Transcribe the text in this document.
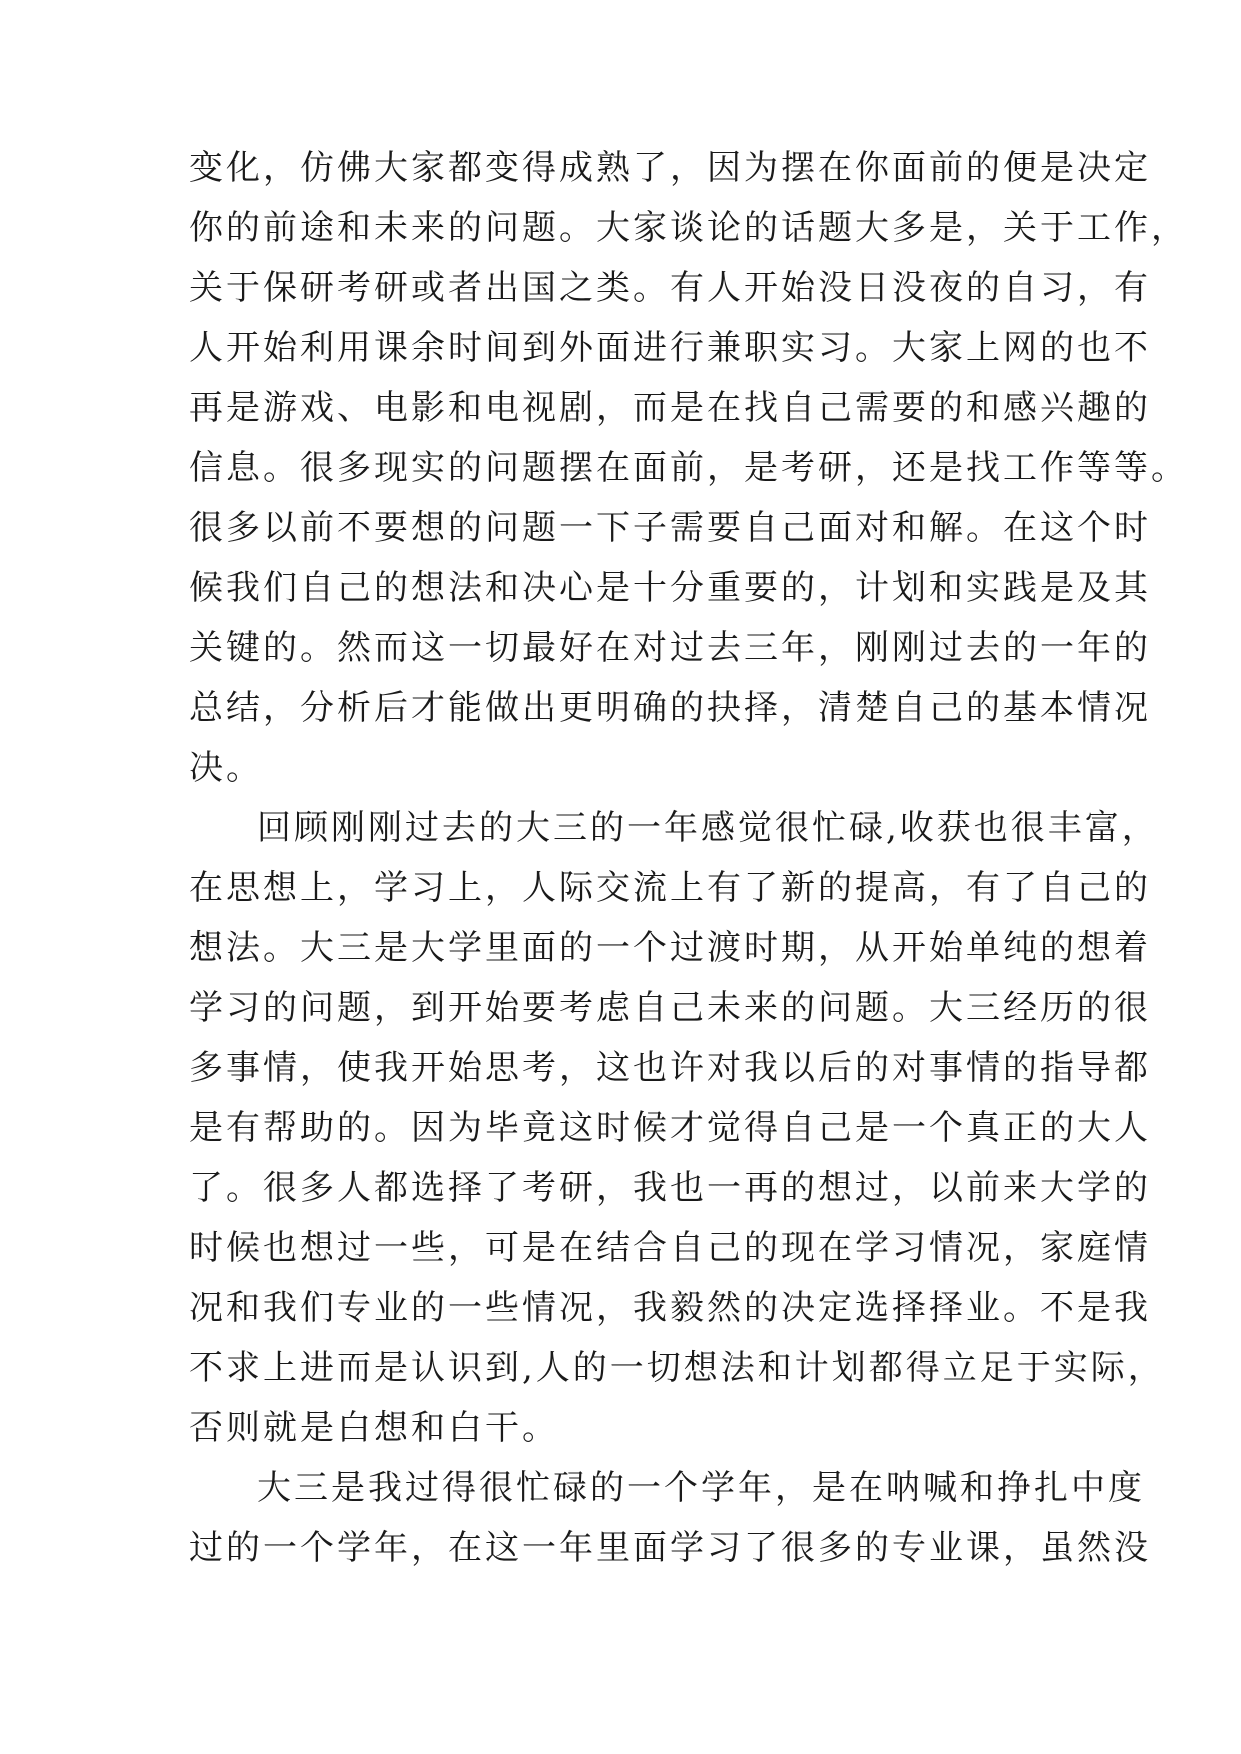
变化，仿佛大家都变得成熟了，因为摆在你面前的便是决定
你的前途和未来的问题。大家谈论的话题大多是，关于工作，
关于保研考研或者出国之类。有人开始没日没夜的自习，有
人开始利用课余时间到外面进行兼职实习。大家上网的也不
再是游戏、电影和电视剧，而是在找自己需要的和感兴趣的
信息。很多现实的问题摆在面前，是考研，还是找工作等等。
很多以前不要想的问题一下子需要自己面对和解。在这个时
候我们自己的想法和决心是十分重要的，计划和实践是及其
关键的。然而这一切最好在对过去三年，刚刚过去的一年的
总结，分析后才能做出更明确的抉择，清楚自己的基本情况
决。
回顾刚刚过去的大三的一年感觉很忙碌,收获也很丰富，
在思想上，学习上，人际交流上有了新的提高，有了自己的
想法。大三是大学里面的一个过渡时期，从开始单纯的想着
学习的问题，到开始要考虑自己未来的问题。大三经历的很
多事情，使我开始思考，这也许对我以后的对事情的指导都
是有帮助的。因为毕竟这时候才觉得自己是一个真正的大人
了。很多人都选择了考研，我也一再的想过，以前来大学的
时候也想过一些，可是在结合自己的现在学习情况，家庭情
况和我们专业的一些情况，我毅然的决定选择择业。不是我
不求上进而是认识到,人的一切想法和计划都得立足于实际，
否则就是白想和白干。
大三是我过得很忙碌的一个学年，是在呐喊和挣扎中度
过的一个学年，在这一年里面学习了很多的专业课，虽然没
